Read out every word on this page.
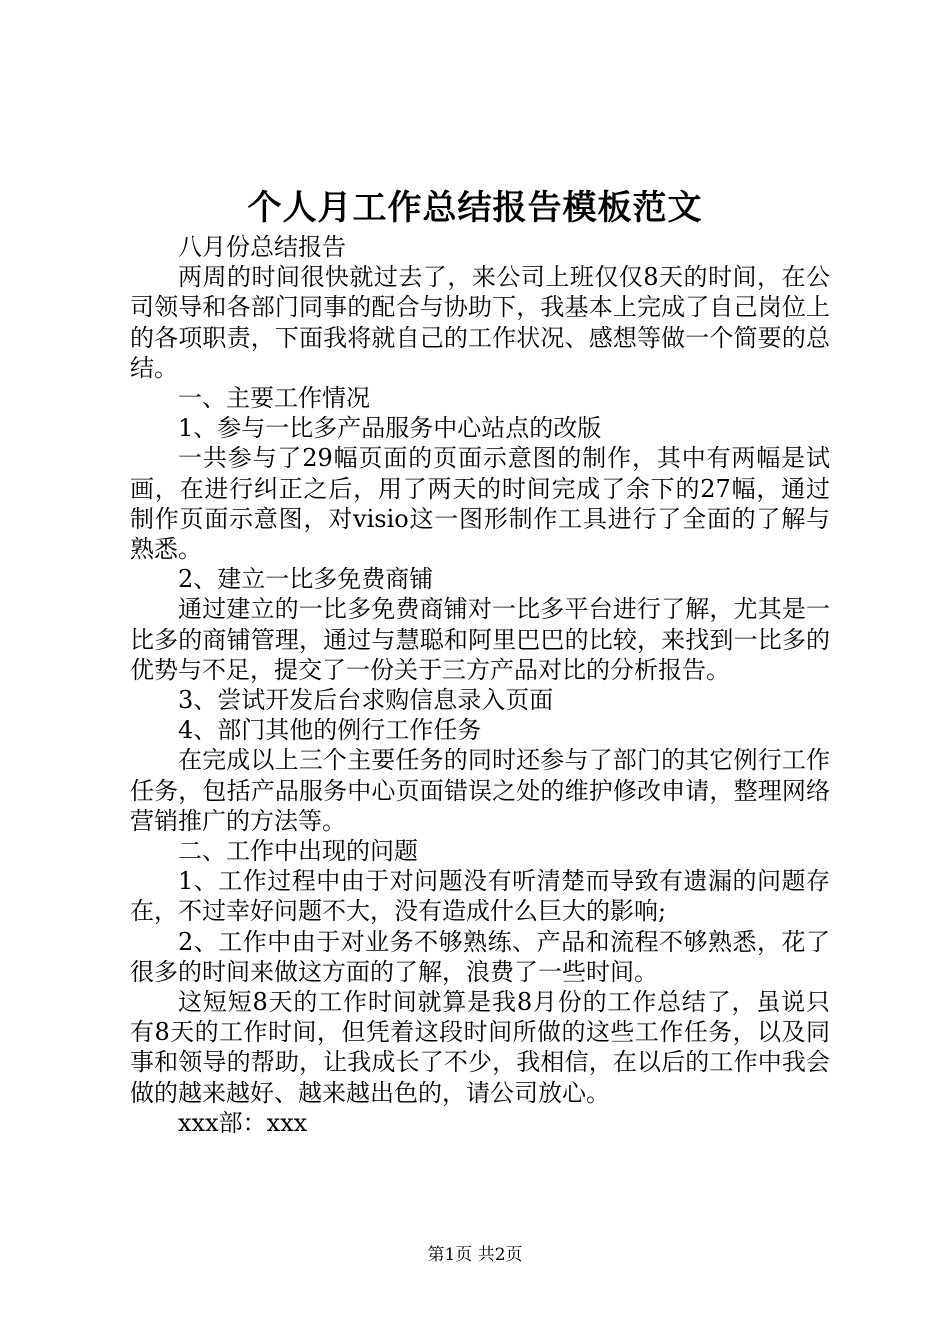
个人月工作总结报告模板范文

八月份总结报告

两周的时间很快就过去了，来公司上班仅仅8天的时间，在公司领导和各部门同事的配合与协助下，我基本上完成了自己岗位上的各项职责，下面我将就自己的工作状况、感想等做一个简要的总结。

一、主要工作情况

1、参与一比多产品服务中心站点的改版

一共参与了29幅页面的页面示意图的制作，其中有两幅是试画，在进行纠正之后，用了两天的时间完成了余下的27幅，通过制作页面示意图，对visio这一图形制作工具进行了全面的了解与熟悉。

2、建立一比多免费商铺

通过建立的一比多免费商铺对一比多平台进行了解，尤其是一比多的商铺管理，通过与慧聪和阿里巴巴的比较，来找到一比多的优势与不足，提交了一份关于三方产品对比的分析报告。

3、尝试开发后台求购信息录入页面

4、部门其他的例行工作任务

在完成以上三个主要任务的同时还参与了部门的其它例行工作任务，包括产品服务中心页面错误之处的维护修改申请，整理网络营销推广的方法等。

二、工作中出现的问题

1、工作过程中由于对问题没有听清楚而导致有遗漏的问题存在，不过幸好问题不大，没有造成什么巨大的影响;

2、工作中由于对业务不够熟练、产品和流程不够熟悉，花了很多的时间来做这方面的了解，浪费了一些时间。

这短短8天的工作时间就算是我8月份的工作总结了，虽说只有8天的工作时间，但凭着这段时间所做的这些工作任务，以及同事和领导的帮助，让我成长了不少，我相信，在以后的工作中我会做的越来越好、越来越出色的，请公司放心。

xxx部：xxx

第1页 共2页
